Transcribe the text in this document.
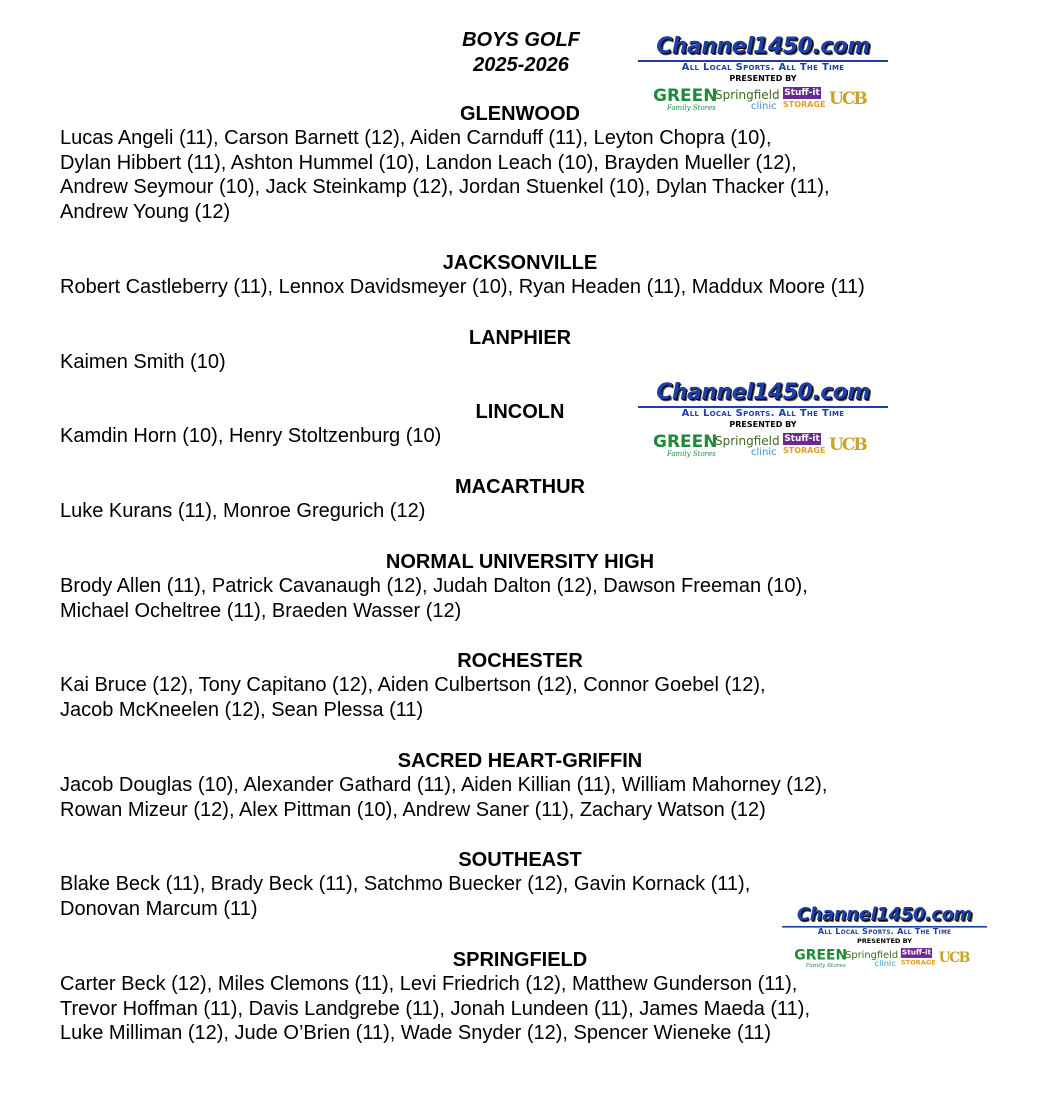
BOYS GOLF
2025-2026
Channel1450.com
All Local Sports. All The Time
PRESENTED BY
GREEN
Family Stores
Springfield
clinic
Stuff-it
STORAGE UCB
Channel1450.com
All Local Sports. All The Time
PRESENTED BY
GREEN
Family Stores
Springfield
clinic
Stuff-it
STORAGE UCB
Channel1450.com
All Local Sports. All The Time
PRESENTED BY
GREEN
Family Stores
Springfield
clinic
Stuff-it
STORAGE UCB
GLENWOOD
Lucas Angeli (11), Carson Barnett (12), Aiden Carnduff (11), Leyton Chopra (10),
Dylan Hibbert (11), Ashton Hummel (10), Landon Leach (10), Brayden Mueller (12),
Andrew Seymour (10), Jack Steinkamp (12), Jordan Stuenkel (10), Dylan Thacker (11),
Andrew Young (12)
JACKSONVILLE
Robert Castleberry (11), Lennox Davidsmeyer (10), Ryan Headen (11), Maddux Moore (11)
LANPHIER
Kaimen Smith (10)
LINCOLN
Kamdin Horn (10), Henry Stoltzenburg (10)
MACARTHUR
Luke Kurans (11), Monroe Gregurich (12)
NORMAL UNIVERSITY HIGH
Brody Allen (11), Patrick Cavanaugh (12), Judah Dalton (12), Dawson Freeman (10),
Michael Ocheltree (11), Braeden Wasser (12)
ROCHESTER
Kai Bruce (12), Tony Capitano (12), Aiden Culbertson (12), Connor Goebel (12),
Jacob McKneelen (12), Sean Plessa (11)
SACRED HEART-GRIFFIN
Jacob Douglas (10), Alexander Gathard (11), Aiden Killian (11), William Mahorney (12),
Rowan Mizeur (12), Alex Pittman (10), Andrew Saner (11), Zachary Watson (12)
SOUTHEAST
Blake Beck (11), Brady Beck (11), Satchmo Buecker (12), Gavin Kornack (11),
Donovan Marcum (11)
SPRINGFIELD
Carter Beck (12), Miles Clemons (11), Levi Friedrich (12), Matthew Gunderson (11),
Trevor Hoffman (11), Davis Landgrebe (11), Jonah Lundeen (11), James Maeda (11),
Luke Milliman (12), Jude O’Brien (11), Wade Snyder (12), Spencer Wieneke (11)
